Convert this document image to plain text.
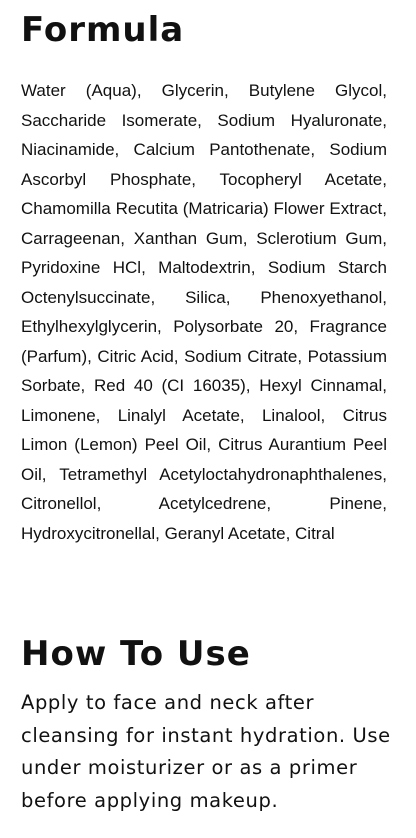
Formula

Water (Aqua), Glycerin, Butylene Glycol, Saccharide Isomerate, Sodium Hyaluronate, Niacinamide, Calcium Pantothenate, Sodium Ascorbyl Phosphate, Tocopheryl Acetate, Chamomilla Recutita (Matricaria) Flower Extract, Carrageenan, Xanthan Gum, Sclerotium Gum, Pyridoxine HCl, Maltodextrin, Sodium Starch Octenylsuccinate, Silica, Phenoxyethanol, Ethylhexylglycerin, Polysorbate 20, Fragrance (Parfum), Citric Acid, Sodium Citrate, Potassium Sorbate, Red 40 (CI 16035), Hexyl Cinnamal, Limonene, Linalyl Acetate, Linalool, Citrus Limon (Lemon) Peel Oil, Citrus Aurantium Peel Oil, Tetramethyl Acetyloctahydronaphthalenes, Citronellol, Acetylcedrene, Pinene, Hydroxycitronellal, Geranyl Acetate, Citral

How To Use

Apply to face and neck after cleansing for instant hydration. Use under moisturizer or as a primer before applying makeup.
